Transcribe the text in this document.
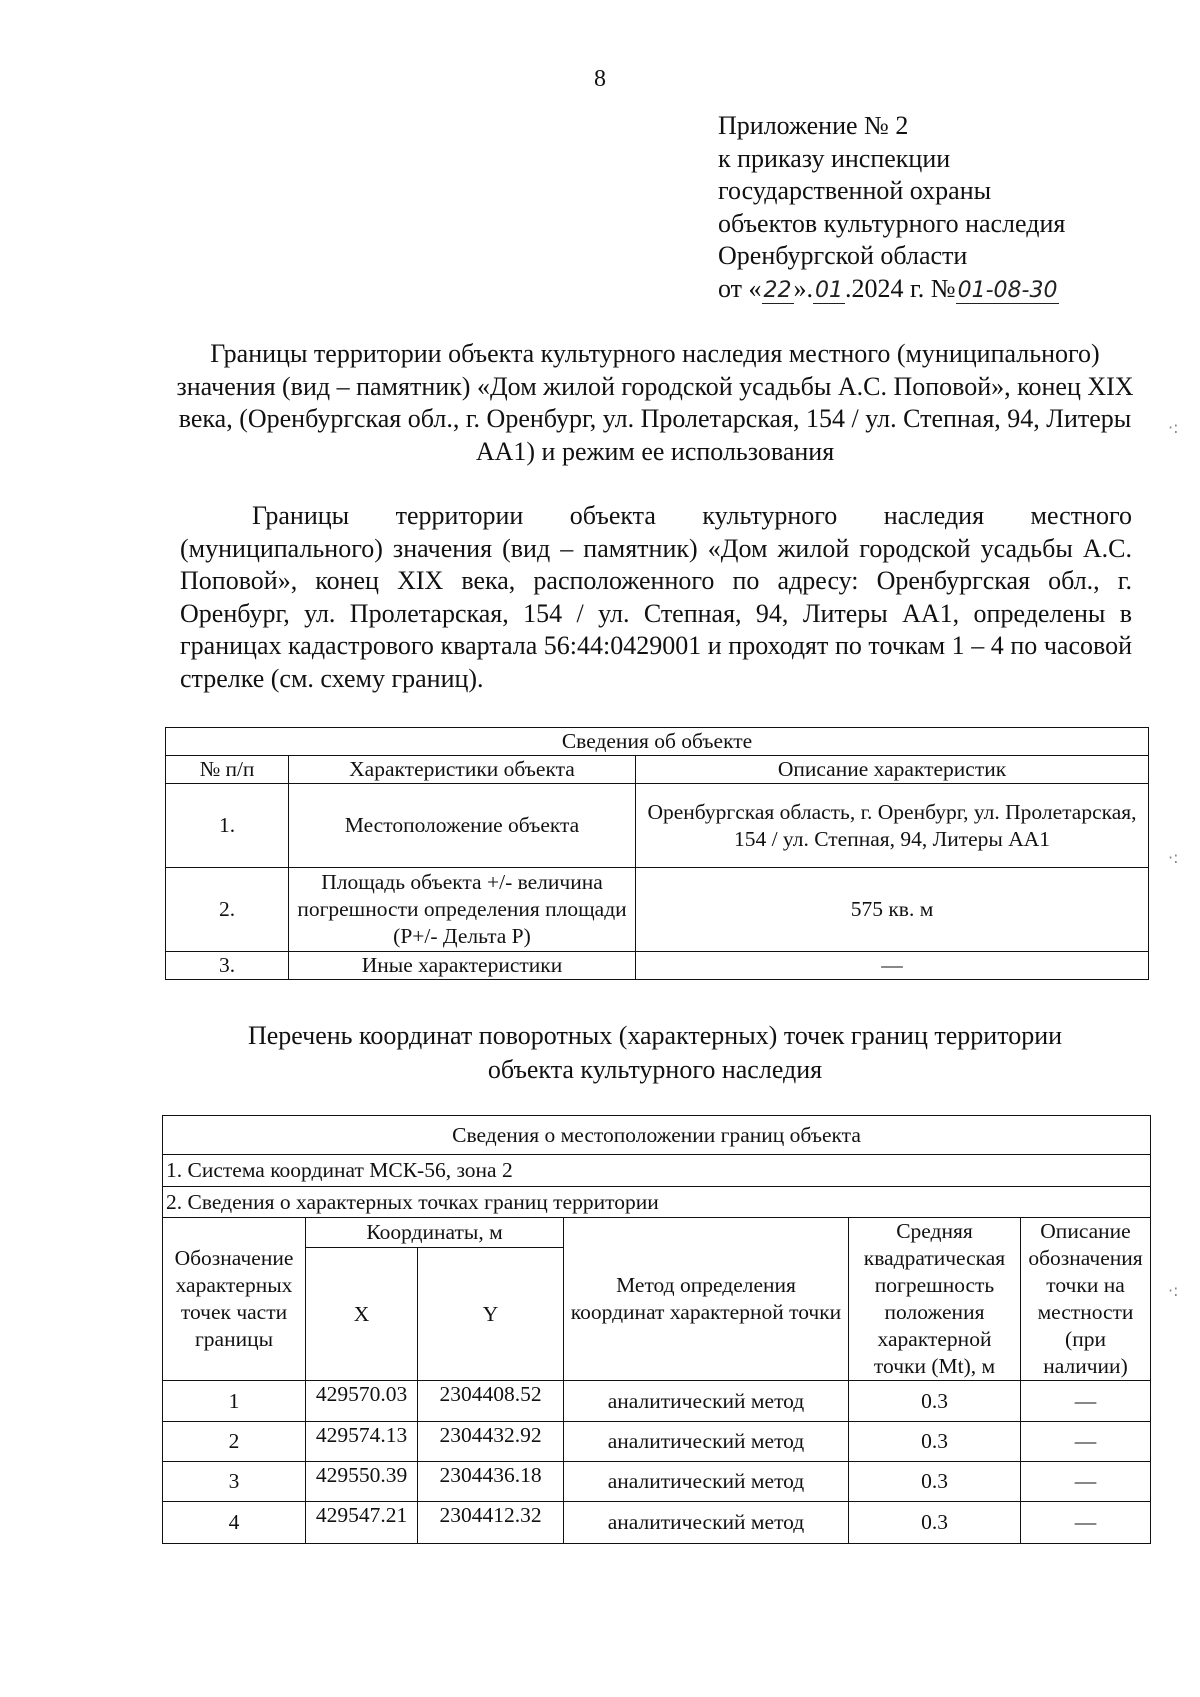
8
Приложение № 2
к приказу инспекции
государственной охраны
объектов культурного наследия
Оренбургской области
от «22».01.2024 г. №01-08-30
Границы территории объекта культурного наследия местного (муниципального) значения (вид – памятник) «Дом жилой городской усадьбы А.С. Поповой», конец XIX века, (Оренбургская обл., г. Оренбург, ул. Пролетарская, 154 / ул. Степная, 94, Литеры АА1) и режим ее использования
Границы территории объекта культурного наследия местного (муниципального) значения (вид – памятник) «Дом жилой городской усадьбы А.С. Поповой», конец XIX века, расположенного по адресу: Оренбургская обл., г. Оренбург, ул. Пролетарская, 154 / ул. Степная, 94, Литеры АА1, определены в границах кадастрового квартала 56:44:0429001 и проходят по точкам 1 – 4 по часовой стрелке (см. схему границ).
Сведения об объекте		
№ п/п	Характеристики объекта	Описание характеристик
1.	Местоположение объекта	Оренбургская область, г. Оренбург, ул. Пролетарская, 154 / ул. Степная, 94, Литеры АА1
2.	Площадь объекта +/- величина погрешности определения площади (Р+/- Дельта Р)	575 кв. м
3.	Иные характеристики	—
Перечень координат поворотных (характерных) точек границ территории
объекта культурного наследия
Сведения о местоположении границ объекта					
1. Система координат МСК-56, зона 2					
2. Сведения о характерных точках границ территории					
Обозначение характерных точек части границы	Координаты, м		Метод определения координат характерной точки	Средняя квадратическая погрешность положения характерной точки (Mt), м	Описание обозначения точки на местности (при наличии)
	X	Y			
1	429570.03	2304408.52	аналитический метод	0.3	—
2	429574.13	2304432.92	аналитический метод	0.3	—
3	429550.39	2304436.18	аналитический метод	0.3	—
4	429547.21	2304412.32	аналитический метод	0.3	—
·:
·:
·:
